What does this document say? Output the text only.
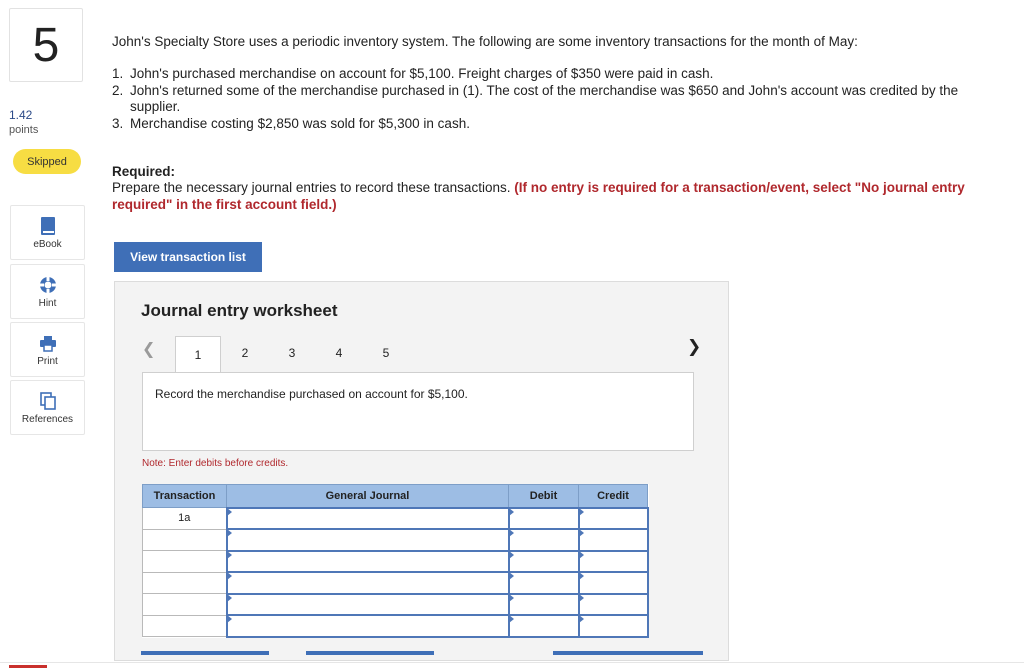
5
1.42
points
Skipped
eBook
Hint
Print
References
John's Specialty Store uses a periodic inventory system. The following are some inventory transactions for the month of May:
1. John's purchased merchandise on account for $5,100. Freight charges of $350 were paid in cash.
2. John's returned some of the merchandise purchased in (1). The cost of the merchandise was $650 and John's account was credited by the supplier.
3. Merchandise costing $2,850 was sold for $5,300 in cash.
Required:
Prepare the necessary journal entries to record these transactions. (If no entry is required for a transaction/event, select "No journal entry required" in the first account field.)
View transaction list
Journal entry worksheet
❮	1	2	3	4	5	❯
Record the merchandise purchased on account for $5,100.
Note: Enter debits before credits.
Transaction	General Journal	Debit	Credit
1a			
